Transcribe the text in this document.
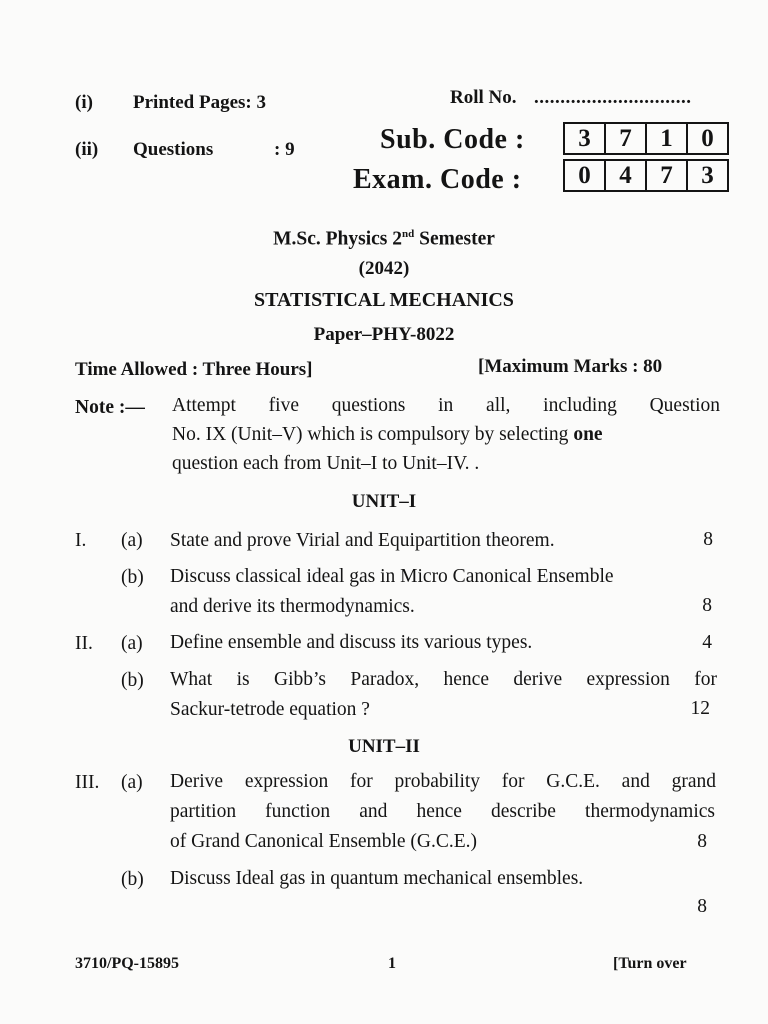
(i) Printed Pages: 3
(ii) Questions	: 9
Roll No. ..............................
Sub. Code :	3	7	1	0
Exam. Code :	0	4	7	3
M.Sc. Physics 2nd Semester
(2042)
STATISTICAL MECHANICS
Paper–PHY-8022
Time Allowed : Three Hours]	[Maximum Marks : 80
Note :— Attempt five questions in all, including Question
No. IX (Unit–V) which is compulsory by selecting one
question each from Unit–I to Unit–IV. .
UNIT–I
I. (a) State and prove Virial and Equipartition theorem.	8
(b) Discuss classical ideal gas in Micro Canonical Ensemble
and derive its thermodynamics.	8
II. (a) Define ensemble and discuss its various types.	4
(b) What is Gibb’s Paradox, hence derive expression for
Sackur-tetrode equation ?	12
UNIT–II
III. (a) Derive expression for probability for G.C.E. and grand
partition function and hence describe thermodynamics
of Grand Canonical Ensemble (G.C.E.)	8
(b) Discuss Ideal gas in quantum mechanical ensembles.
8
3710/PQ-15895	1	[Turn over
